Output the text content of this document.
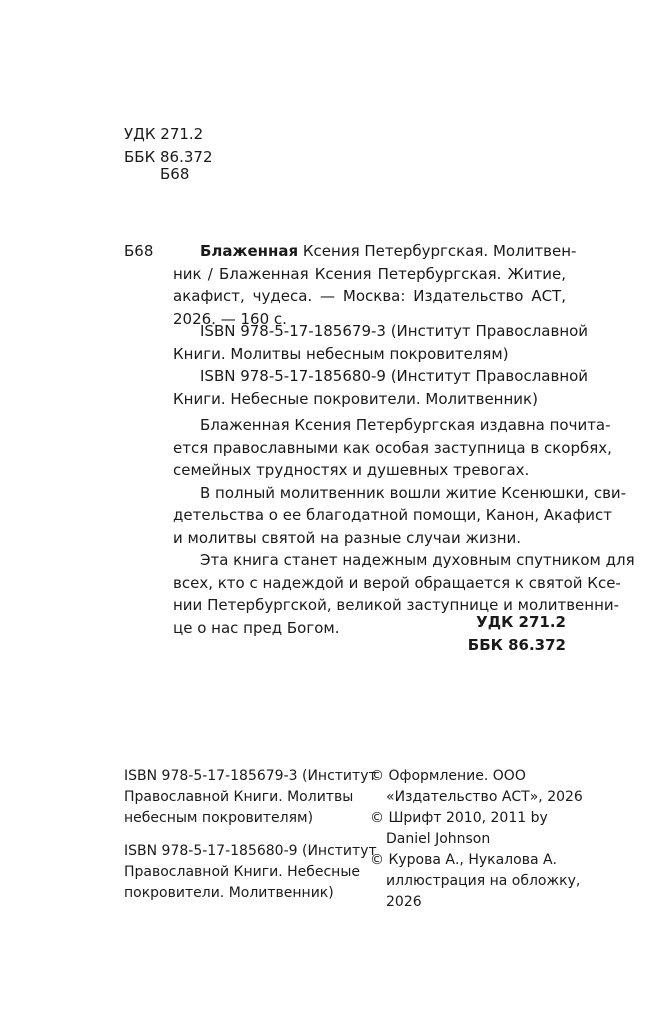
УДК 271.2
ББК 86.372
Б68
Б68	Блаженная Ксения Петербургская. Молитвен-
ник / Блаженная Ксения Петербургская. Житие,
акафист, чудеса. — Москва: Издательство АСТ,
2026. — 160 с.
ISBN 978-5-17-185679-3 (Институт Православной
Книги. Молитвы небесным покровителям)
ISBN 978-5-17-185680-9 (Институт Православной
Книги. Небесные покровители. Молитвенник)
Блаженная Ксения Петербургская издавна почита-
ется православными как особая заступница в скорбях,
семейных трудностях и душевных тревогах.
В полный молитвенник вошли житие Ксенюшки, сви-
детельства о ее благодатной помощи, Канон, Акафист
и молитвы святой на разные случаи жизни.
Эта книга станет надежным духовным спутником для
всех, кто с надеждой и верой обращается к святой Ксе-
нии Петербургской, великой заступнице и молитвенни-
це о нас пред Богом.	УДК 271.2
ББК 86.372
ISBN 978-5-17-185679-3 (Институт
Православной Книги. Молитвы
небесным покровителям)
ISBN 978-5-17-185680-9 (Институт
Православной Книги. Небесные
покровители. Молитвенник)
© Оформление. ООО
«Издательство АСТ», 2026
© Шрифт 2010, 2011 by
Daniel Johnson
© Курова А., Нукалова А.
иллюстрация на обложку,
2026
